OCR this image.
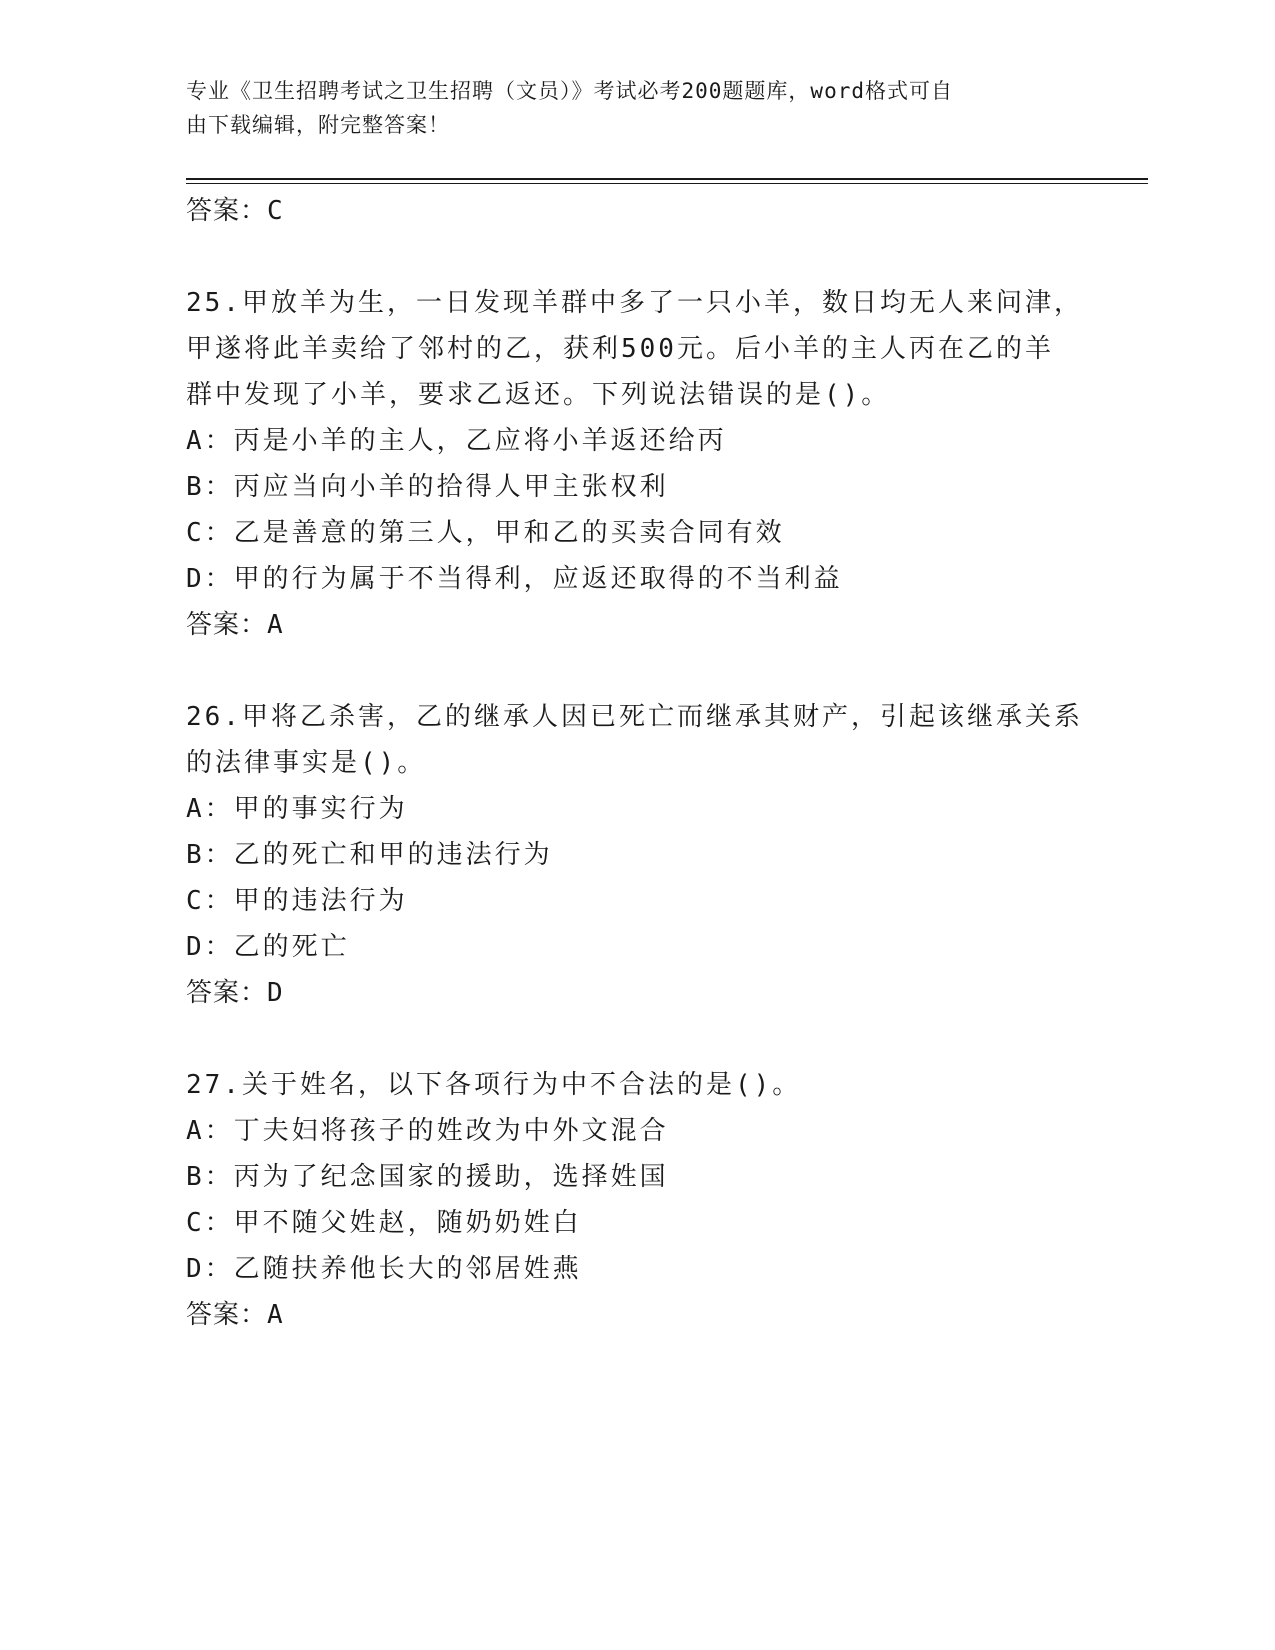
专业《卫生招聘考试之卫生招聘（文员）》考试必考200题题库，word格式可自
由下载编辑，附完整答案！
答案：C
25.甲放羊为生，一日发现羊群中多了一只小羊，数日均无人来问津，
甲遂将此羊卖给了邻村的乙，获利500元。后小羊的主人丙在乙的羊
群中发现了小羊，要求乙返还。下列说法错误的是()。
A：丙是小羊的主人，乙应将小羊返还给丙
B：丙应当向小羊的拾得人甲主张权利
C：乙是善意的第三人，甲和乙的买卖合同有效
D：甲的行为属于不当得利，应返还取得的不当利益
答案：A
26.甲将乙杀害，乙的继承人因已死亡而继承其财产，引起该继承关系
的法律事实是()。
A：甲的事实行为
B：乙的死亡和甲的违法行为
C：甲的违法行为
D：乙的死亡
答案：D
27.关于姓名，以下各项行为中不合法的是()。
A：丁夫妇将孩子的姓改为中外文混合
B：丙为了纪念国家的援助，选择姓国
C：甲不随父姓赵，随奶奶姓白
D：乙随扶养他长大的邻居姓燕
答案：A
